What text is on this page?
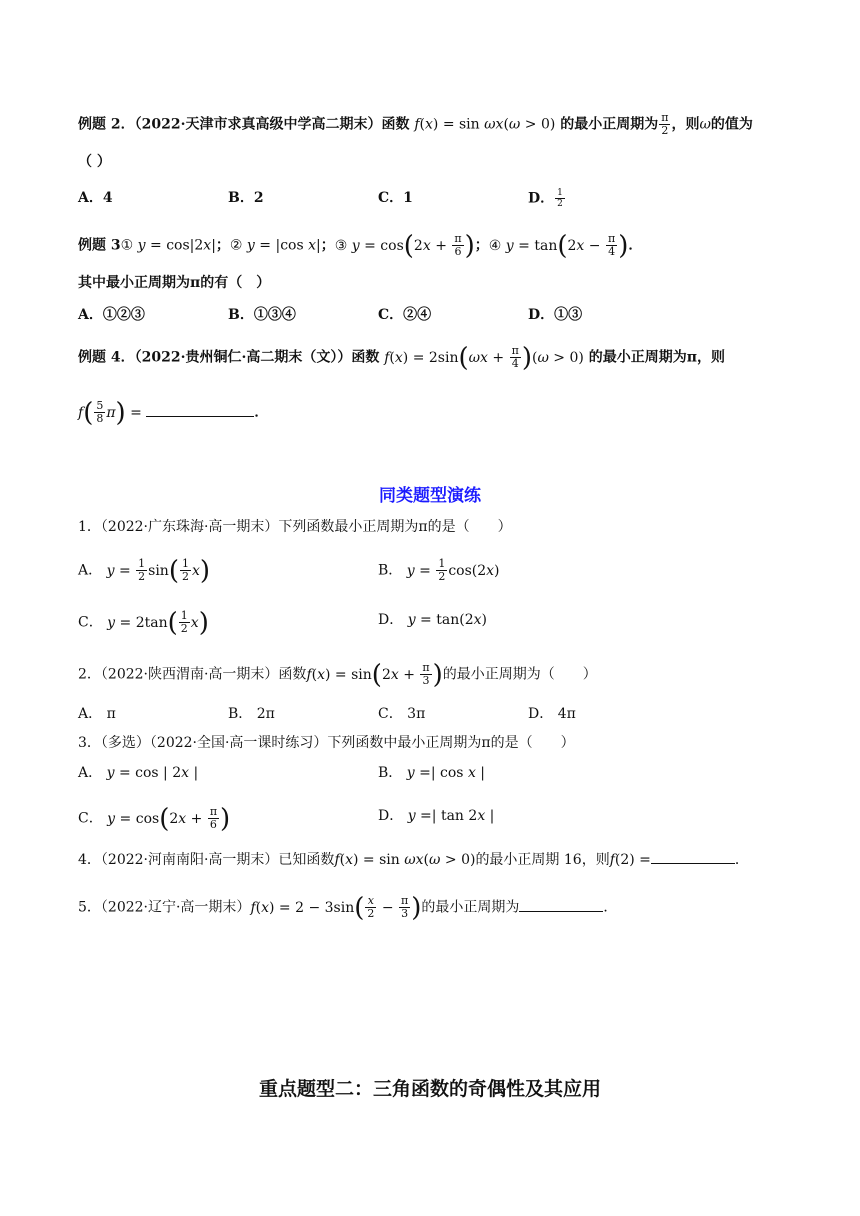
例题 2．（2022·天津市求真高级中学高二期末）函数 f(x) = sin ωx(ω > 0) 的最小正周期为 $\frac{\pi}{2}$ ，则ω的值为
（ ）
A．4	B．2	C．1	D． $\frac{1}{2}$
例题 3① y = cos|2x|；② y = |cos x|；③ $y = \cos(2x + \frac{\pi}{6}$ )；④ $y = \tan(2x - \frac{\pi}{4}$ )．
其中最小正周期为π的有（　）
A．①②③	B．①③④	C．②④	D．①③
例题 4．（2022·贵州铜仁·高二期末（文））函数 $f(x) = 2\sin(\omega x + \frac{\pi}{4} )(\omega > 0)$ 的最小正周期为π，则
$f( \frac{5}{8} \pi)$ =	．
同类题型演练
1．（2022·广东珠海·高一期末）下列函数最小正周期为π的是（　　）
A． $y = \frac{1}{2} \sin( \frac{1}{2} x)$	B． $y = \frac{1}{2} \cos(2x)$
C． $y = 2\tan( \frac{1}{2} x)$	D． y = tan(2x)
2．（2022·陕西渭南·高一期末）函数$f(x) = \sin(2x + \frac{\pi}{3}$ )的最小正周期为（　　）
A． π	B． 2π	C． 3π	D． 4π
3．（多选）（2022·全国·高一课时练习）下列函数中最小正周期为π的是（　　）
A． y = cos | 2x |	B． y =| cos x |
C． $y = \cos(2x + \frac{\pi}{6}$ )	D． y =| tan 2x |
4．（2022·河南南阳·高一期末）已知函数f(x) = sin ωx(ω > 0)的最小正周期 16，则f(2) =	．
5．（2022·辽宁·高一期末）$f(x) = 2 - 3\sin( \frac{x}{2} - \frac{\pi}{3}$ )的最小正周期为	．
重点题型二：三角函数的奇偶性及其应用
